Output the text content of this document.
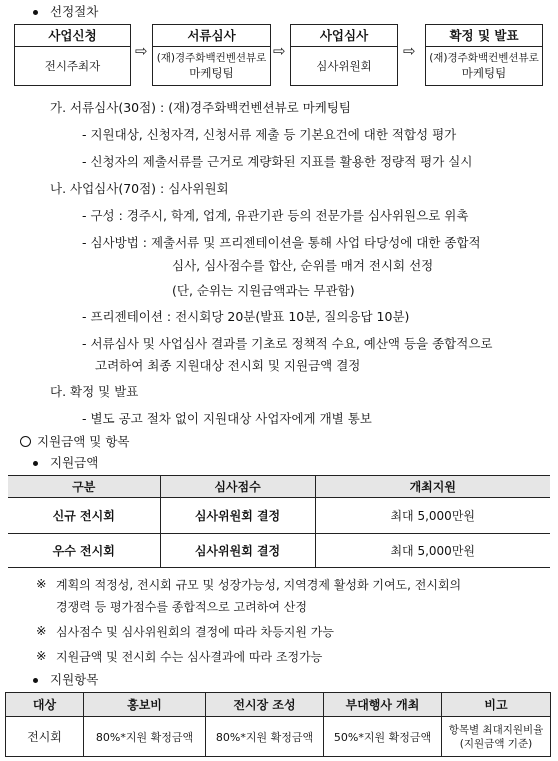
선정절차
사업신청
전시주최자
⇨
서류심사
(재)경주화백컨벤션뷰로
마케팅팀
⇨
사업심사
심사위원회
⇨
확정 및 발표
(재)경주화백컨벤션뷰로
마케팅팀
가. 서류심사(30점) : (재)경주화백컨벤션뷰로 마케팅팀
- 지원대상, 신청자격, 신청서류 제출 등 기본요건에 대한 적합성 평가
- 신청자의 제출서류를 근거로 계량화된 지표를 활용한 정량적 평가 실시
나. 사업심사(70점) : 심사위원회
- 구성 : 경주시, 학계, 업계, 유관기관 등의 전문가를 심사위원으로 위촉
- 심사방법 : 제출서류 및 프리젠테이션을 통해 사업 타당성에 대한 종합적
심사, 심사점수를 합산, 순위를 매겨 전시회 선정
(단, 순위는 지원금액과는 무관함)
- 프리젠테이션 : 전시회당 20분(발표 10분, 질의응답 10분)
- 서류심사 및 사업심사 결과를 기초로 정책적 수요, 예산액 등을 종합적으로
고려하여 최종 지원대상 전시회 및 지원금액 결정
다. 확정 및 발표
- 별도 공고 절차 없이 지원대상 사업자에게 개별 통보
지원금액 및 항목
지원금액
구분	심사점수	개최지원
신규 전시회	심사위원회 결정	최대 5,000만원
우수 전시회	심사위원회 결정	최대 5,000만원
※ 계획의 적정성, 전시회 규모 및 성장가능성, 지역경제 활성화 기여도, 전시회의
경쟁력 등 평가점수를 종합적으로 고려하여 산정
※ 심사점수 및 심사위원회의 결정에 따라 차등지원 가능
※ 지원금액 및 전시회 수는 심사결과에 따라 조정가능
지원항목
대상	홍보비	전시장 조성	부대행사 개최	비고
전시회	80%*지원 확정금액	80%*지원 확정금액	50%*지원 확정금액	항목별 최대지원비율
(지원금액 기준)
